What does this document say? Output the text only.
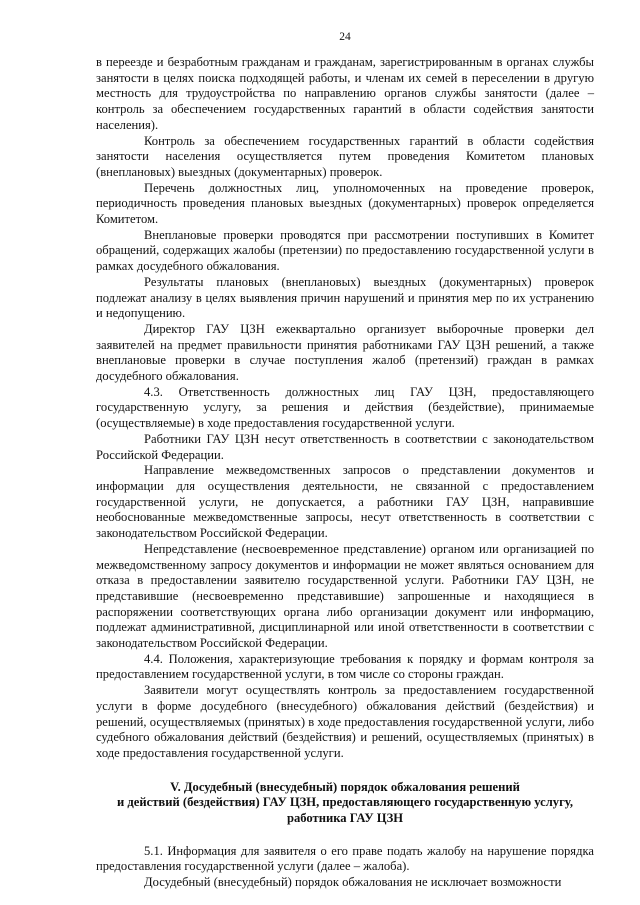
24

в переезде и безработным гражданам и гражданам, зарегистрированным в органах службы занятости в целях поиска подходящей работы, и членам их семей в переселении в другую местность для трудоустройства по направлению органов службы занятости (далее – контроль за обеспечением государственных гарантий в области содействия занятости населения).

Контроль за обеспечением государственных гарантий в области содействия занятости населения осуществляется путем проведения Комитетом плановых (внеплановых) выездных (документарных) проверок.

Перечень должностных лиц, уполномоченных на проведение проверок, периодичность проведения плановых выездных (документарных) проверок определяется Комитетом.

Внеплановые проверки проводятся при рассмотрении поступивших в Комитет обращений, содержащих жалобы (претензии) по предоставлению государственной услуги в рамках досудебного обжалования.

Результаты плановых (внеплановых) выездных (документарных) проверок подлежат анализу в целях выявления причин нарушений и принятия мер по их устранению и недопущению.

Директор ГАУ ЦЗН ежеквартально организует выборочные проверки дел заявителей на предмет правильности принятия работниками ГАУ ЦЗН решений, а также внеплановые проверки в случае поступления жалоб (претензий) граждан в рамках досудебного обжалования.

4.3. Ответственность должностных лиц ГАУ ЦЗН, предоставляющего государственную услугу, за решения и действия (бездействие), принимаемые (осуществляемые) в ходе предоставления государственной услуги.

Работники ГАУ ЦЗН несут ответственность в соответствии с законодательством Российской Федерации.

Направление межведомственных запросов о представлении документов и информации для осуществления деятельности, не связанной с предоставлением государственной услуги, не допускается, а работники ГАУ ЦЗН, направившие необоснованные межведомственные запросы, несут ответственность в соответствии с законодательством Российской Федерации.

Непредставление (несвоевременное представление) органом или организацией по межведомственному запросу документов и информации не может являться основанием для отказа в предоставлении заявителю государственной услуги. Работники ГАУ ЦЗН, не представившие (несвоевременно представившие) запрошенные и находящиеся в распоряжении соответствующих органа либо организации документ или информацию, подлежат административной, дисциплинарной или иной ответственности в соответствии с законодательством Российской Федерации.

4.4. Положения, характеризующие требования к порядку и формам контроля за предоставлением государственной услуги, в том числе со стороны граждан.

Заявители могут осуществлять контроль за предоставлением государственной услуги в форме досудебного (внесудебного) обжалования действий (бездействия) и решений, осуществляемых (принятых) в ходе предоставления государственной услуги, либо судебного обжалования действий (бездействия) и решений, осуществляемых (принятых) в ходе предоставления государственной услуги.

V. Досудебный (внесудебный) порядок обжалования решений
и действий (бездействия) ГАУ ЦЗН, предоставляющего государственную услугу,
работника ГАУ ЦЗН

5.1. Информация для заявителя о его праве подать жалобу на нарушение порядка предоставления государственной услуги (далее – жалоба).

Досудебный (внесудебный) порядок обжалования не исключает возможности
